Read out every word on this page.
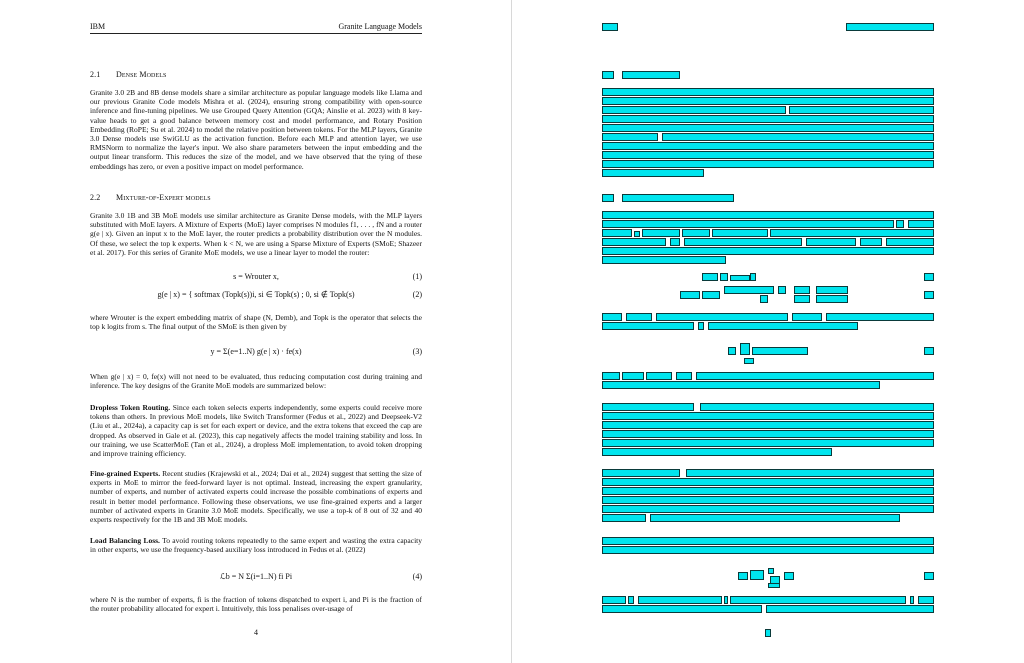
IBM	Granite Language Models
2.1 Dense Models
Granite 3.0 2B and 8B dense models share a similar architecture as popular language models like Llama and our previous Granite Code models Mishra et al. (2024), ensuring strong compatibility with open-source inference and fine-tuning pipelines. We use Grouped Query Attention (GQA; Ainslie et al. 2023) with 8 key-value heads to get a good balance between memory cost and model performance, and Rotary Position Embedding (RoPE; Su et al. 2024) to model the relative position between tokens. For the MLP layers, Granite 3.0 Dense models use SwiGLU as the activation function. Before each MLP and attention layer, we use RMSNorm to normalize the layer's input. We also share parameters between the input embedding and the output linear transform. This reduces the size of the model, and we have observed that the tying of these embeddings has zero, or even a positive impact on model performance.
2.2 Mixture-of-Expert models
Granite 3.0 1B and 3B MoE models use similar architecture as Granite Dense models, with the MLP layers substituted with MoE layers. A Mixture of Experts (MoE) layer comprises N modules f1, . . . , fN and a router g(e | x). Given an input x to the MoE layer, the router predicts a probability distribution over the N modules. Of these, we select the top k experts. When k < N, we are using a Sparse Mixture of Experts (SMoE; Shazeer et al. 2017). For this series of Granite MoE models, we use a linear layer to model the router:
s = Wrouter x,	(1)
g(e | x) = { softmax (Topk(s))i, si ∈ Topk(s) ; 0, si ∉ Topk(s)	(2)
where Wrouter is the expert embedding matrix of shape (N, Demb), and Topk is the operator that selects the top k logits from s. The final output of the SMoE is then given by
y = Σ(e=1..N) g(e | x) · fe(x)	(3)
When g(e | x) = 0, fe(x) will not need to be evaluated, thus reducing computation cost during training and inference. The key designs of the Granite MoE models are summarized below:
Dropless Token Routing. Since each token selects experts independently, some experts could receive more tokens than others. In previous MoE models, like Switch Transformer (Fedus et al., 2022) and Deepseek-V2 (Liu et al., 2024a), a capacity cap is set for each expert or device, and the extra tokens that exceed the cap are dropped. As observed in Gale et al. (2023), this cap negatively affects the model training stability and loss. In our training, we use ScatterMoE (Tan et al., 2024), a dropless MoE implementation, to avoid token dropping and improve training efficiency.
Fine-grained Experts. Recent studies (Krajewski et al., 2024; Dai et al., 2024) suggest that setting the size of experts in MoE to mirror the feed-forward layer is not optimal. Instead, increasing the expert granularity, number of experts, and number of activated experts could increase the possible combinations of experts and result in better model performance. Following these observations, we use fine-grained experts and a larger number of activated experts in Granite 3.0 MoE models. Specifically, we use a top-k of 8 out of 32 and 40 experts respectively for the 1B and 3B MoE models.
Load Balancing Loss. To avoid routing tokens repeatedly to the same expert and wasting the extra capacity in other experts, we use the frequency-based auxiliary loss introduced in Fedus et al. (2022)
ℒb = N Σ(i=1..N) fi Pi	(4)
where N is the number of experts, fi is the fraction of tokens dispatched to expert i, and Pi is the fraction of the router probability allocated for expert i. Intuitively, this loss penalises over-usage of
4
